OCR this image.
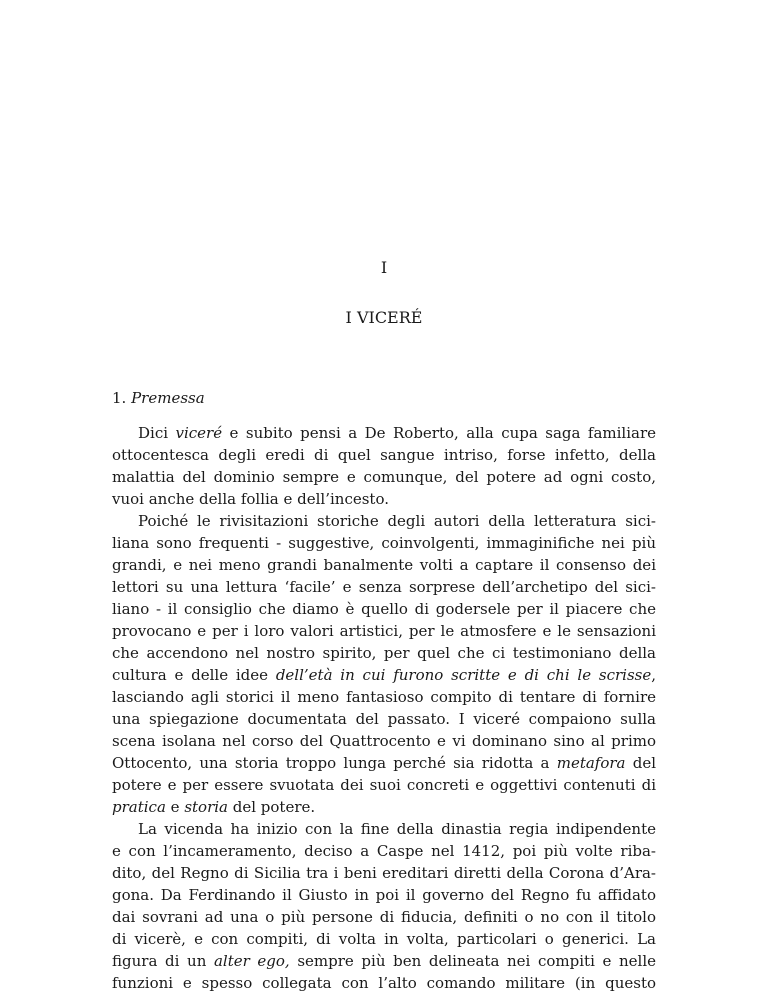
I
I VICERÉ
1. Premessa
Dici viceré e subito pensi a De Roberto, alla cupa saga familiare
ottocentesca degli eredi di quel sangue intriso, forse infetto, della
malattia del dominio sempre e comunque, del potere ad ogni costo,
vuoi anche della follia e dell’incesto.
Poiché le rivisitazioni storiche degli autori della letteratura sici-
liana sono frequenti - suggestive, coinvolgenti, immaginifiche nei più
grandi, e nei meno grandi banalmente volti a captare il consenso dei
lettori su una lettura ‘facile’ e senza sorprese dell’archetipo del sici-
liano - il consiglio che diamo è quello di godersele per il piacere che
provocano e per i loro valori artistici, per le atmosfere e le sensazioni
che accendono nel nostro spirito, per quel che ci testimoniano della
cultura e delle idee dell’età in cui furono scritte e di chi le scrisse,
lasciando agli storici il meno fantasioso compito di tentare di fornire
una spiegazione documentata del passato. I viceré compaiono sulla
scena isolana nel corso del Quattrocento e vi dominano sino al primo
Ottocento, una storia troppo lunga perché sia ridotta a metafora del
potere e per essere svuotata dei suoi concreti e oggettivi contenuti di
pratica e storia del potere.
La vicenda ha inizio con la fine della dinastia regia indipendente
e con l’incameramento, deciso a Caspe nel 1412, poi più volte riba-
dito, del Regno di Sicilia tra i beni ereditari diretti della Corona d’Ara-
gona. Da Ferdinando il Giusto in poi il governo del Regno fu affidato
dai sovrani ad una o più persone di fiducia, definiti o no con il titolo
di vicerè, e con compiti, di volta in volta, particolari o generici. La
figura di un alter ego, sempre più ben delineata nei compiti e nelle
funzioni e spesso collegata con l’alto comando militare (in questo
